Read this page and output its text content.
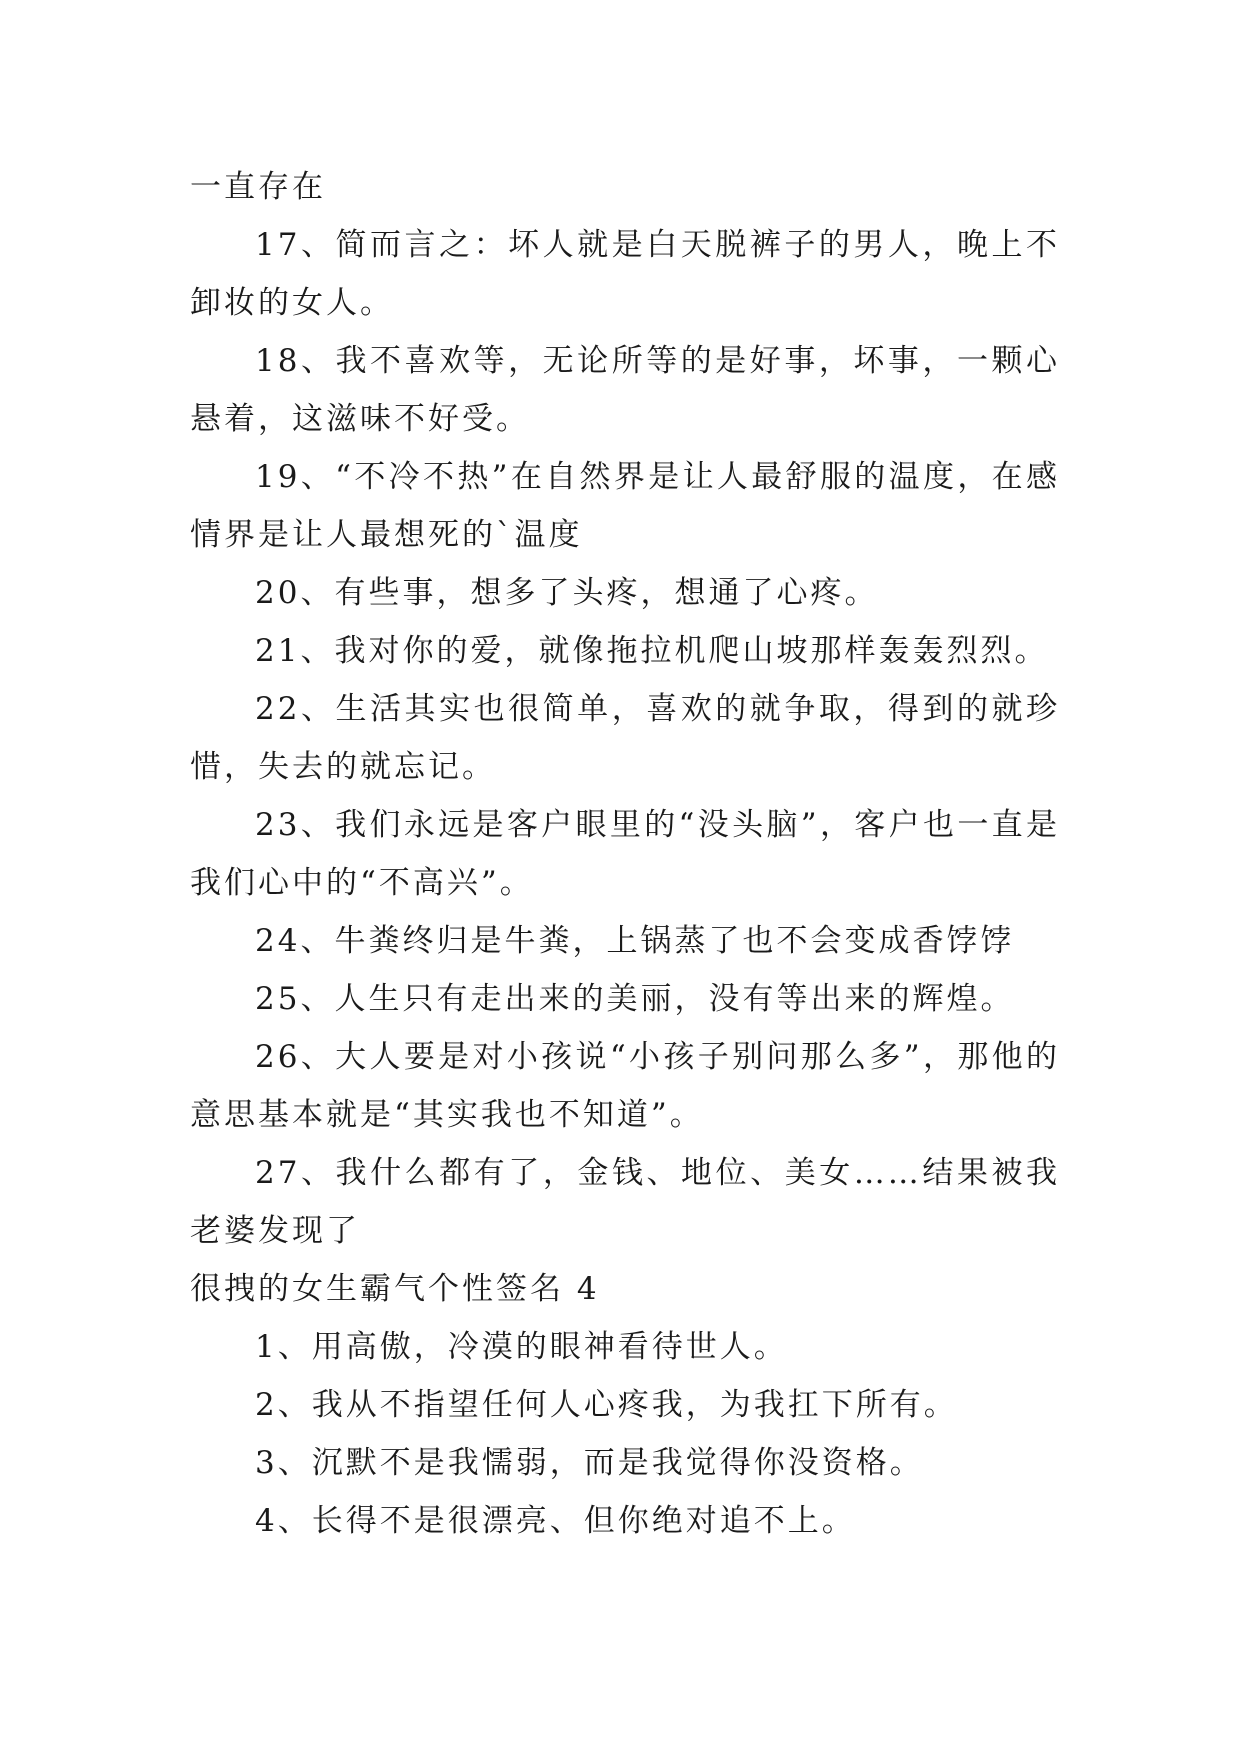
一直存在

17、简而言之：坏人就是白天脱裤子的男人，晚上不卸妆的女人。

18、我不喜欢等，无论所等的是好事，坏事，一颗心悬着，这滋味不好受。

19、“不冷不热”在自然界是让人最舒服的温度，在感情界是让人最想死的`温度

20、有些事，想多了头疼，想通了心疼。

21、我对你的爱，就像拖拉机爬山坡那样轰轰烈烈。

22、生活其实也很简单，喜欢的就争取，得到的就珍惜，失去的就忘记。

23、我们永远是客户眼里的“没头脑”，客户也一直是我们心中的“不高兴”。

24、牛粪终归是牛粪，上锅蒸了也不会变成香饽饽

25、人生只有走出来的美丽，没有等出来的辉煌。

26、大人要是对小孩说“小孩子别问那么多”，那他的意思基本就是“其实我也不知道”。

27、我什么都有了，金钱、地位、美女……结果被我老婆发现了

很拽的女生霸气个性签名 4

1、用高傲，冷漠的眼神看待世人。

2、我从不指望任何人心疼我，为我扛下所有。

3、沉默不是我懦弱，而是我觉得你没资格。

4、长得不是很漂亮、但你绝对追不上。
